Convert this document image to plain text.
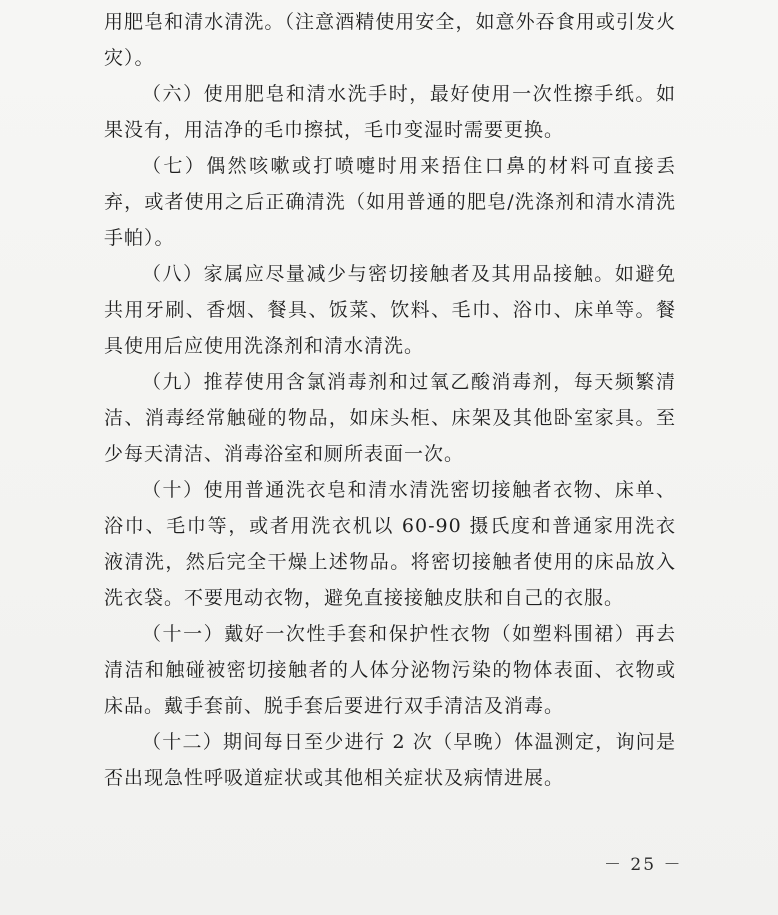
用肥皂和清水清洗。（注意酒精使用安全，如意外吞食用或引发火灾）。

（六）使用肥皂和清水洗手时，最好使用一次性擦手纸。如果没有，用洁净的毛巾擦拭，毛巾变湿时需要更换。

（七）偶然咳嗽或打喷嚏时用来捂住口鼻的材料可直接丢弃，或者使用之后正确清洗（如用普通的肥皂/洗涤剂和清水清洗手帕）。

（八）家属应尽量减少与密切接触者及其用品接触。如避免共用牙刷、香烟、餐具、饭菜、饮料、毛巾、浴巾、床单等。餐具使用后应使用洗涤剂和清水清洗。

（九）推荐使用含氯消毒剂和过氧乙酸消毒剂，每天频繁清洁、消毒经常触碰的物品，如床头柜、床架及其他卧室家具。至少每天清洁、消毒浴室和厕所表面一次。

（十）使用普通洗衣皂和清水清洗密切接触者衣物、床单、浴巾、毛巾等，或者用洗衣机以 60-90 摄氏度和普通家用洗衣液清洗，然后完全干燥上述物品。将密切接触者使用的床品放入洗衣袋。不要甩动衣物，避免直接接触皮肤和自己的衣服。

（十一）戴好一次性手套和保护性衣物（如塑料围裙）再去清洁和触碰被密切接触者的人体分泌物污染的物体表面、衣物或床品。戴手套前、脱手套后要进行双手清洁及消毒。

（十二）期间每日至少进行 2 次（早晚）体温测定，询问是否出现急性呼吸道症状或其他相关症状及病情进展。

－ 25 －
